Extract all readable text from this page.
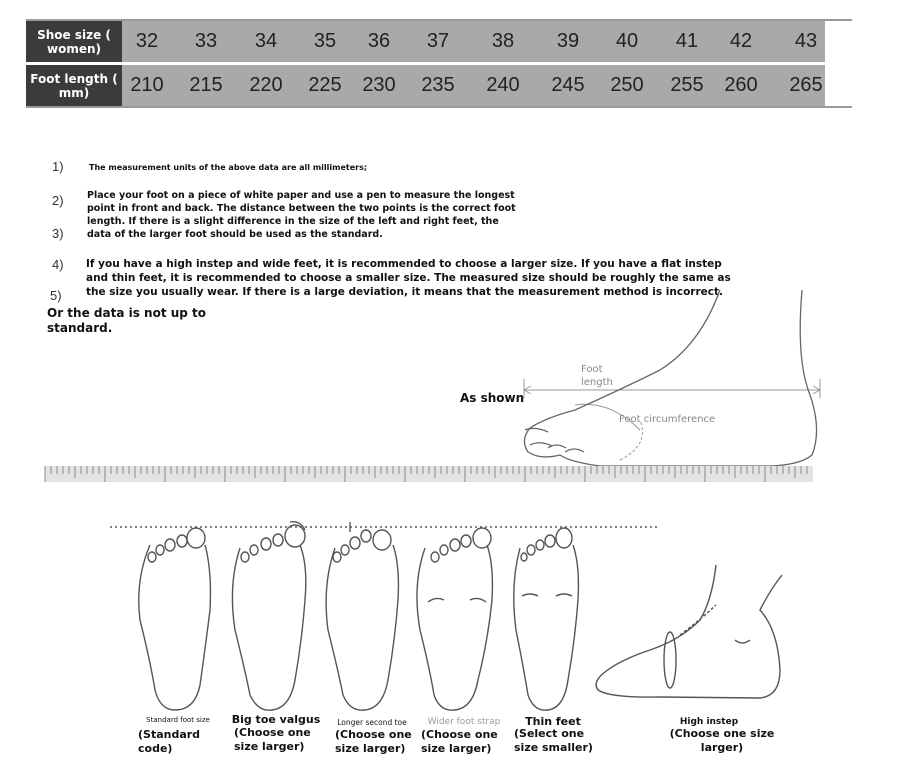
Shoe size ( women)	32	33	34	35	36	37	38	39	40	41	42	43
Foot length ( mm)	210	215	220	225	230	235	240	245	250	255	260	265
1)	The measurement units of the above data are all millimeters;
2) Place your foot on a piece of white paper and use a pen to measure the longest point in front and back. The distance between the two points is the correct foot length. If there is a slight difference in the size of the left and right feet, the data of the larger foot should be used as the standard.
3)
4) If you have a high instep and wide feet, it is recommended to choose a larger size. If you have a flat instep and thin feet, it is recommended to choose a smaller size. The measured size should be roughly the same as the size you usually wear. If there is a large deviation, it means that the measurement method is incorrect.
5)
Or the data is not up to standard.
As shown
Foot length
Foot circumference
Standard foot size
(Standard code)
Big toe valgus
(Choose one size larger)
Longer second toe
(Choose one size larger)
Wider foot strap
(Choose one size larger)
Thin feet
(Select one size smaller)
High instep
(Choose one size larger)
